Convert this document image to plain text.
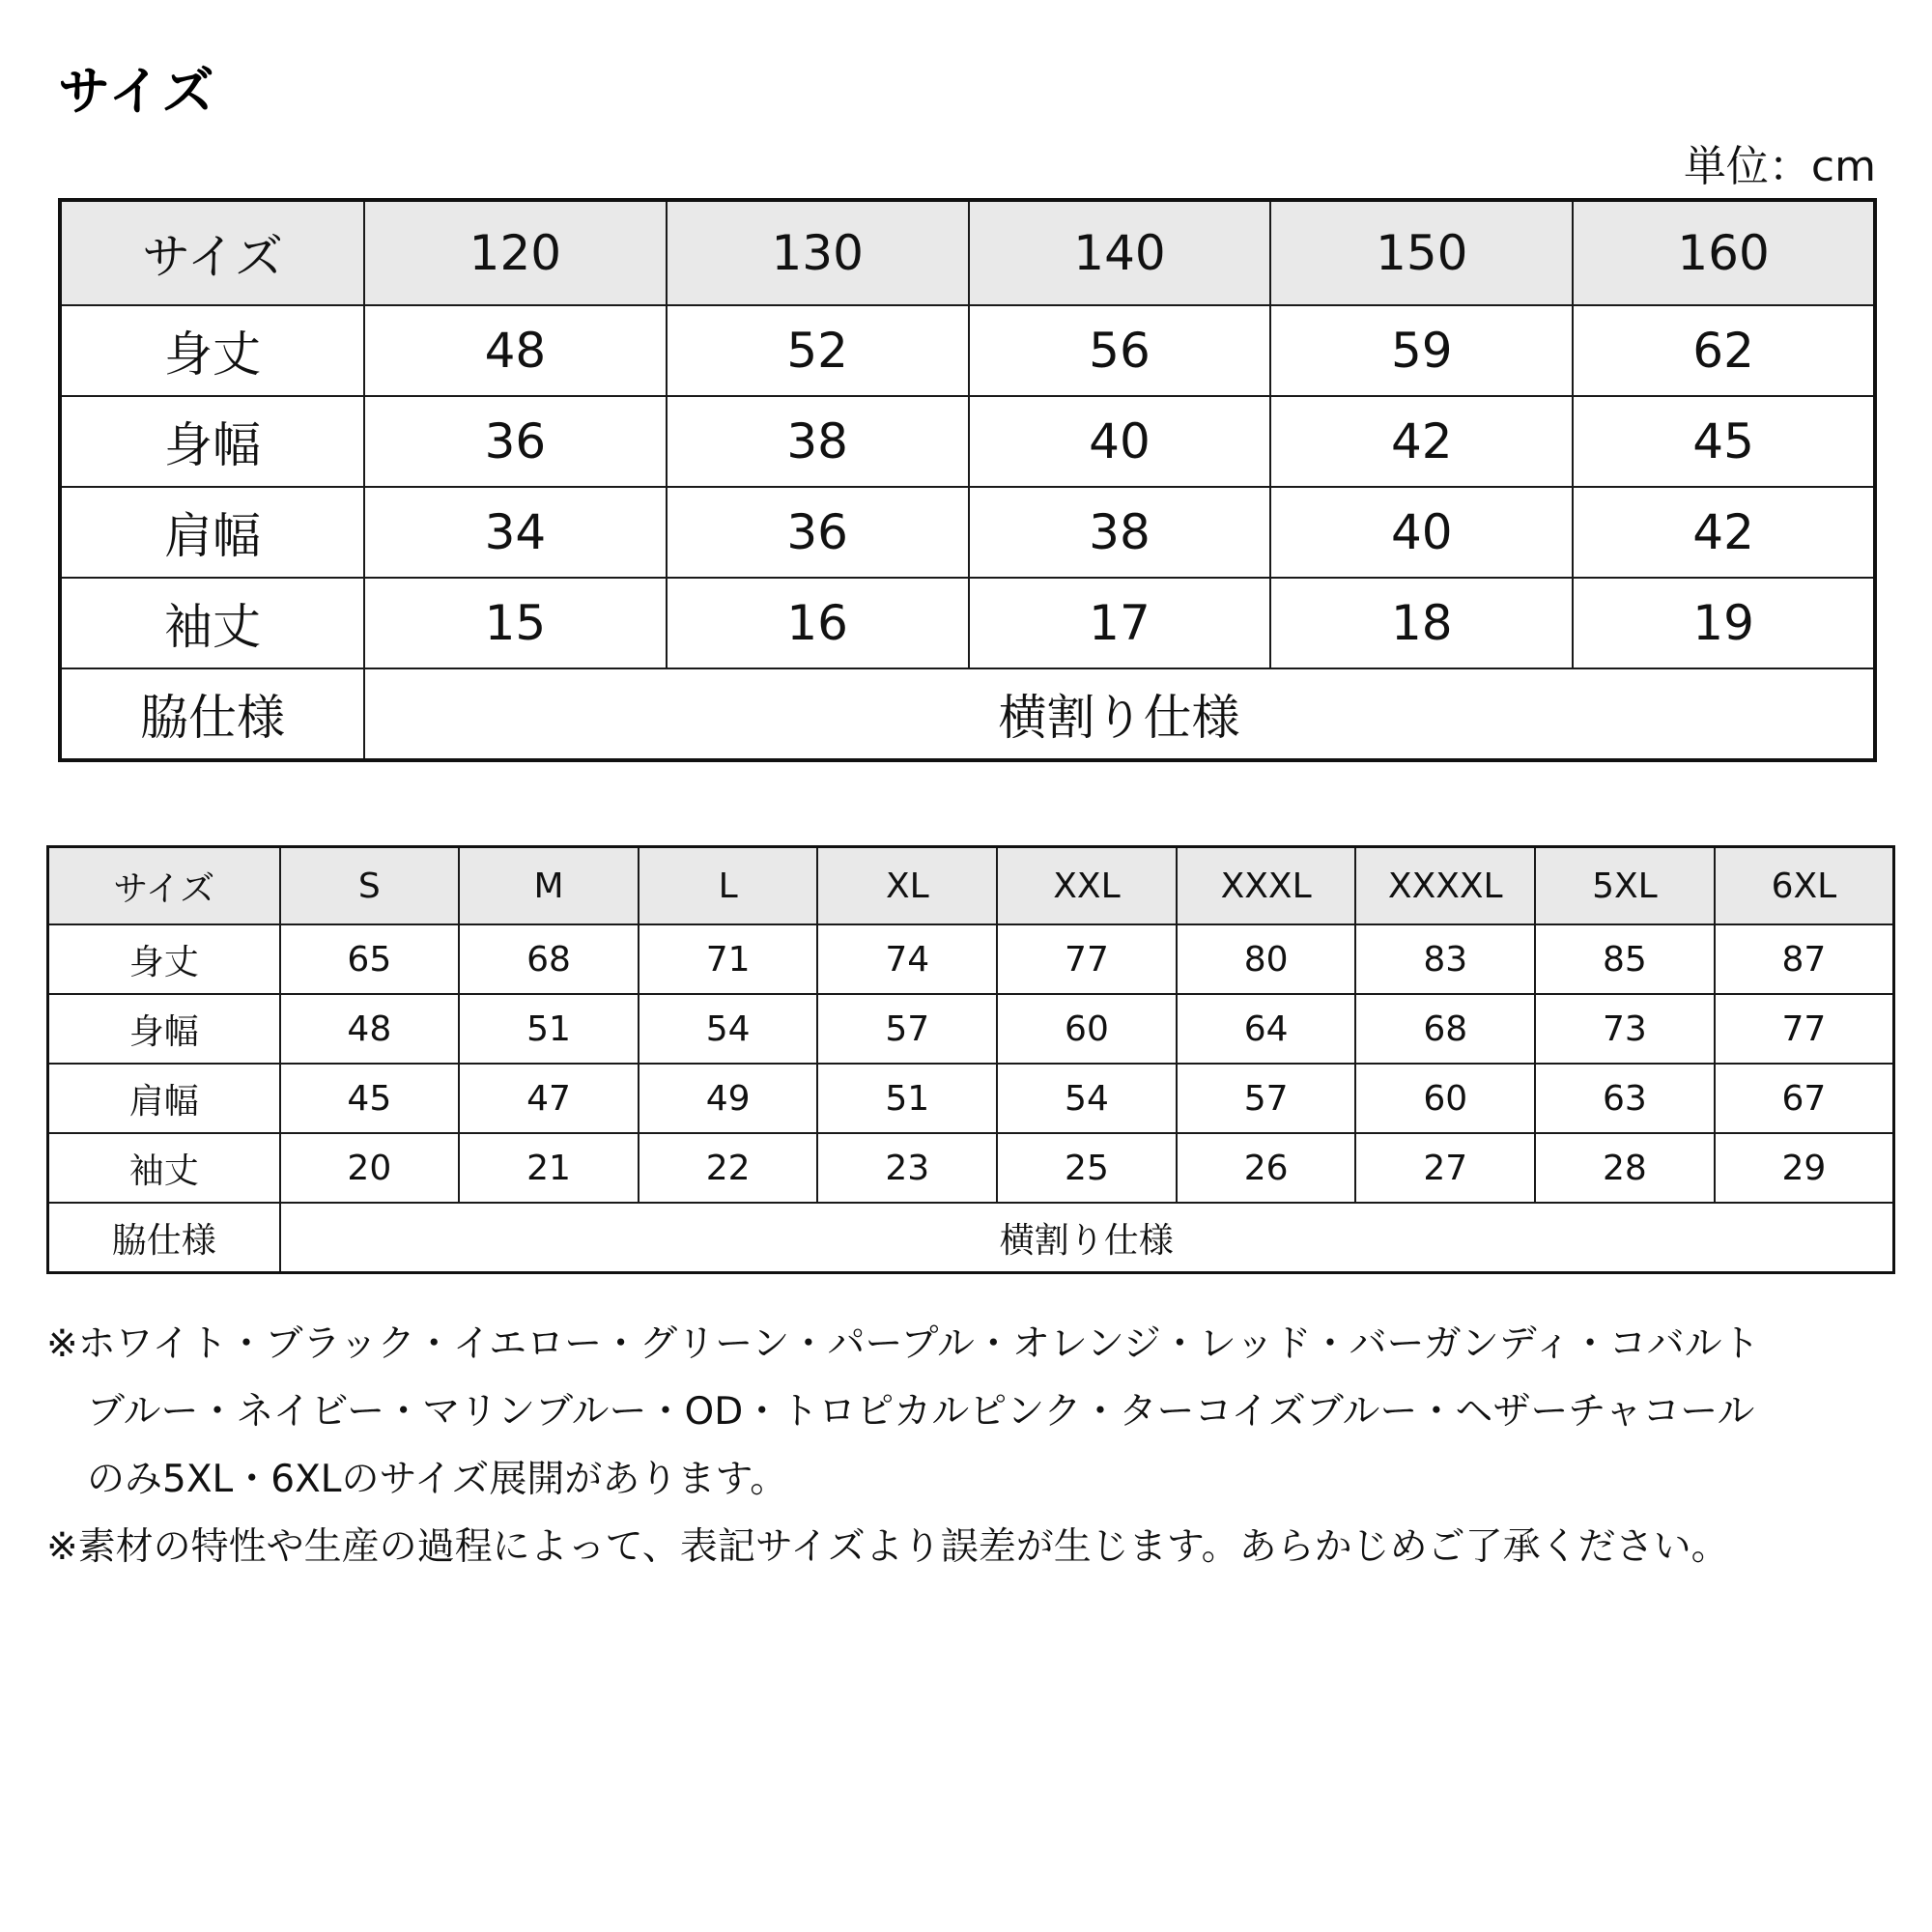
サイズ
単位：cm
サイズ	120	130	140	150	160
身丈	48	52	56	59	62
身幅	36	38	40	42	45
肩幅	34	36	38	40	42
袖丈	15	16	17	18	19
脇仕様	横割り仕様				
サイズ	S	M	L	XL	XXL	XXXL	XXXXL	5XL	6XL
身丈	65	68	71	74	77	80	83	85	87
身幅	48	51	54	57	60	64	68	73	77
肩幅	45	47	49	51	54	57	60	63	67
袖丈	20	21	22	23	25	26	27	28	29
脇仕様	横割り仕様								
※ホワイト・ブラック・イエロー・グリーン・パープル・オレンジ・レッド・バーガンディ・コバルト
ブルー・ネイビー・マリンブルー・OD・トロピカルピンク・ターコイズブルー・ヘザーチャコール
のみ5XL・6XLのサイズ展開があります。
※素材の特性や生産の過程によって、表記サイズより誤差が生じます。あらかじめご了承ください。
